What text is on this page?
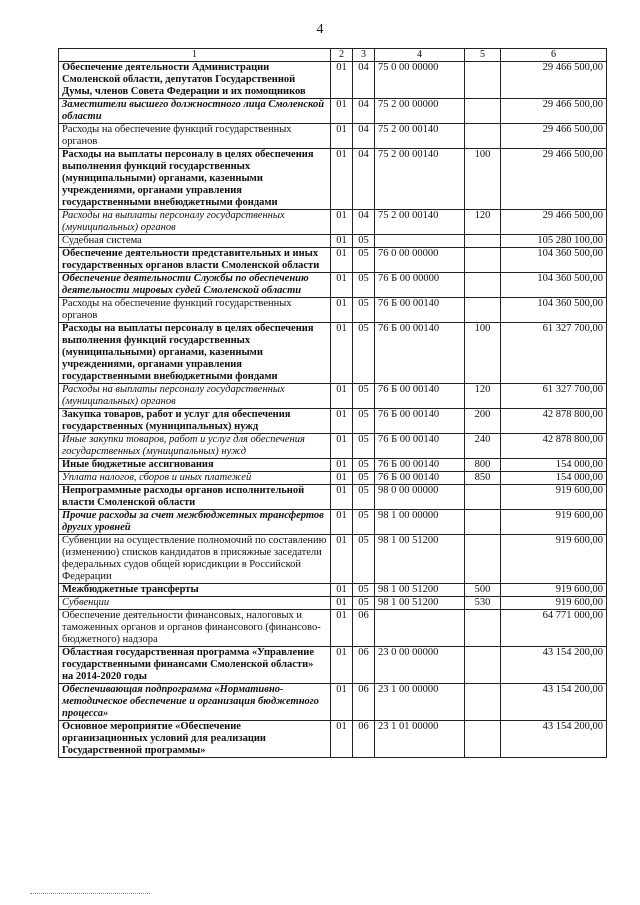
4
1	2	3	4	5	6
Обеспечение деятельности Администрации Смоленской области, депутатов Государственной Думы, членов Совета Федерации и их помощников	01	04	75 0 00 00000		29 466 500,00
Заместители высшего должностного лица Смоленской области	01	04	75 2 00 00000		29 466 500,00
Расходы на обеспечение функций государственных органов	01	04	75 2 00 00140		29 466 500,00
Расходы на выплаты персоналу в целях обеспечения выполнения функций государственных (муниципальными) органами, казенными учреждениями, органами управления государственными внебюджетными фондами	01	04	75 2 00 00140	100	29 466 500,00
Расходы на выплаты персоналу государственных (муниципальных) органов	01	04	75 2 00 00140	120	29 466 500,00
Судебная система	01	05			105 280 100,00
Обеспечение деятельности представительных и иных государственных органов власти Смоленской области	01	05	76 0 00 00000		104 360 500,00
Обеспечение деятельности Службы по обеспечению деятельности мировых судей Смоленской области	01	05	76 Б 00 00000		104 360 500,00
Расходы на обеспечение функций государственных органов	01	05	76 Б 00 00140		104 360 500,00
Расходы на выплаты персоналу в целях обеспечения выполнения функций государственных (муниципальными) органами, казенными учреждениями, органами управления государственными внебюджетными фондами	01	05	76 Б 00 00140	100	61 327 700,00
Расходы на выплаты персоналу государственных (муниципальных) органов	01	05	76 Б 00 00140	120	61 327 700,00
Закупка товаров, работ и услуг для обеспечения государственных (муниципальных) нужд	01	05	76 Б 00 00140	200	42 878 800,00
Иные закупки товаров, работ и услуг для обеспечения государственных (муниципальных) нужд	01	05	76 Б 00 00140	240	42 878 800,00
Иные бюджетные ассигнования	01	05	76 Б 00 00140	800	154 000,00
Уплата налогов, сборов и иных платежей	01	05	76 Б 00 00140	850	154 000,00
Непрограммные расходы органов исполнительной власти Смоленской области	01	05	98 0 00 00000		919 600,00
Прочие расходы за счет межбюджетных трансфертов других уровней	01	05	98 1 00 00000		919 600,00
Субвенции на осуществление полномочий по составлению (изменению) списков кандидатов в присяжные заседатели федеральных судов общей юрисдикции в Российской Федерации	01	05	98 1 00 51200		919 600,00
Межбюджетные трансферты	01	05	98 1 00 51200	500	919 600,00
Субвенции	01	05	98 1 00 51200	530	919 600,00
Обеспечение деятельности финансовых, налоговых и таможенных органов и органов финансового (финансово-бюджетного) надзора	01	06			64 771 000,00
Областная государственная программа «Управление государственными финансами Смоленской области» на 2014-2020 годы	01	06	23 0 00 00000		43 154 200,00
Обеспечивающая подпрограмма «Нормативно-методическое обеспечение и организация бюджетного процесса»	01	06	23 1 00 00000		43 154 200,00
Основное мероприятие «Обеспечение организационных условий для реализации Государственной программы»	01	06	23 1 01 00000		43 154 200,00
